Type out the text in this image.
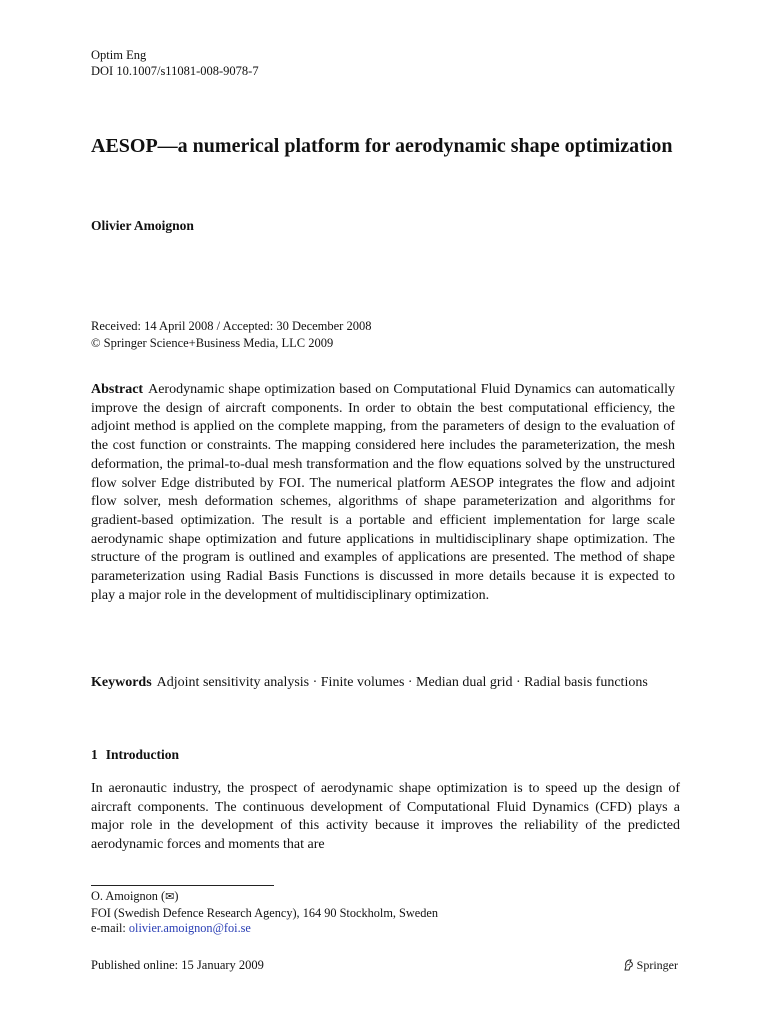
Optim Eng
DOI 10.1007/s11081-008-9078-7
AESOP—a numerical platform for aerodynamic shape optimization
Olivier Amoignon
Received: 14 April 2008 / Accepted: 30 December 2008
© Springer Science+Business Media, LLC 2009
Abstract Aerodynamic shape optimization based on Computational Fluid Dynamics can automatically improve the design of aircraft components. In order to obtain the best computational efficiency, the adjoint method is applied on the complete mapping, from the parameters of design to the evaluation of the cost function or constraints. The mapping considered here includes the parameterization, the mesh deformation, the primal-to-dual mesh transformation and the flow equations solved by the unstructured flow solver Edge distributed by FOI. The numerical platform AESOP integrates the flow and adjoint flow solver, mesh deformation schemes, algorithms of shape parameterization and algorithms for gradient-based optimization. The result is a portable and efficient implementation for large scale aerodynamic shape optimization and future applications in multidisciplinary shape optimization. The structure of the program is outlined and examples of applications are presented. The method of shape parameterization using Radial Basis Functions is discussed in more details because it is expected to play a major role in the development of multidisciplinary optimization.
Keywords Adjoint sensitivity analysis · Finite volumes · Median dual grid · Radial basis functions
1 Introduction
In aeronautic industry, the prospect of aerodynamic shape optimization is to speed up the design of aircraft components. The continuous development of Computational Fluid Dynamics (CFD) plays a major role in the development of this activity because it improves the reliability of the predicted aerodynamic forces and moments that are
O. Amoignon (✉)
FOI (Swedish Defence Research Agency), 164 90 Stockholm, Sweden
e-mail: olivier.amoignon@foi.se
Published online: 15 January 2009	Springer
